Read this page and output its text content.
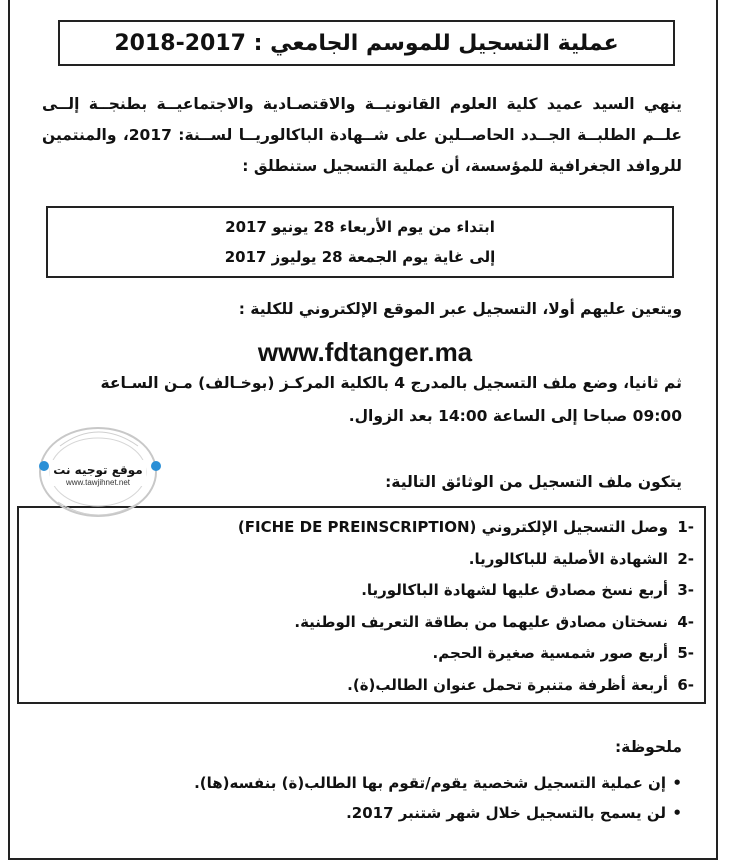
عملية التسجيل للموسم الجامعي : 2017-2018
ينهي السيد عميد كلية العلوم القانونيــة والاقتصـادية والاجتماعيــة بطنجــة إلــى علــم الطلبــة الجــدد الحاصــلين على شــهادة الباكالوريــا لســنة: 2017، والمنتمين للروافد الجغرافية للمؤسسة، أن عملية التسجيل ستنطلق :
ابتداء من يوم الأربعاء 28 يونيو 2017
إلى غاية يوم الجمعة 28 يوليوز 2017
ويتعين عليهم أولا، التسجيل عبر الموقع الإلكتروني للكلية :
www.fdtanger.ma
ثم ثانيا، وضع ملف التسجيل بالمدرج 4 بالكلية المركـز (بوخـالف) مـن السـاعة
09:00 صباحا إلى الساعة 14:00 بعد الزوال.
يتكون ملف التسجيل من الوثائق التالية:
-1
وصل التسجيل الإلكتروني (FICHE DE PREINSCRIPTION)
-2
الشهادة الأصلية للباكالوريا.
-3
أربع نسخ مصادق عليها لشهادة الباكالوريا.
-4
نسختان مصادق عليهما من بطاقة التعريف الوطنية.
-5
أربع صور شمسية صغيرة الحجم.
-6
أربعة أظرفة متنبرة تحمل عنوان الطالب(ة).
ملحوظة:
•إن عملية التسجيل شخصية يقوم/تقوم بها الطالب(ة) بنفسه(ها).
•لن يسمح بالتسجيل خلال شهر شتنبر 2017.
موقع توجيه نت
www.tawjihnet.net
